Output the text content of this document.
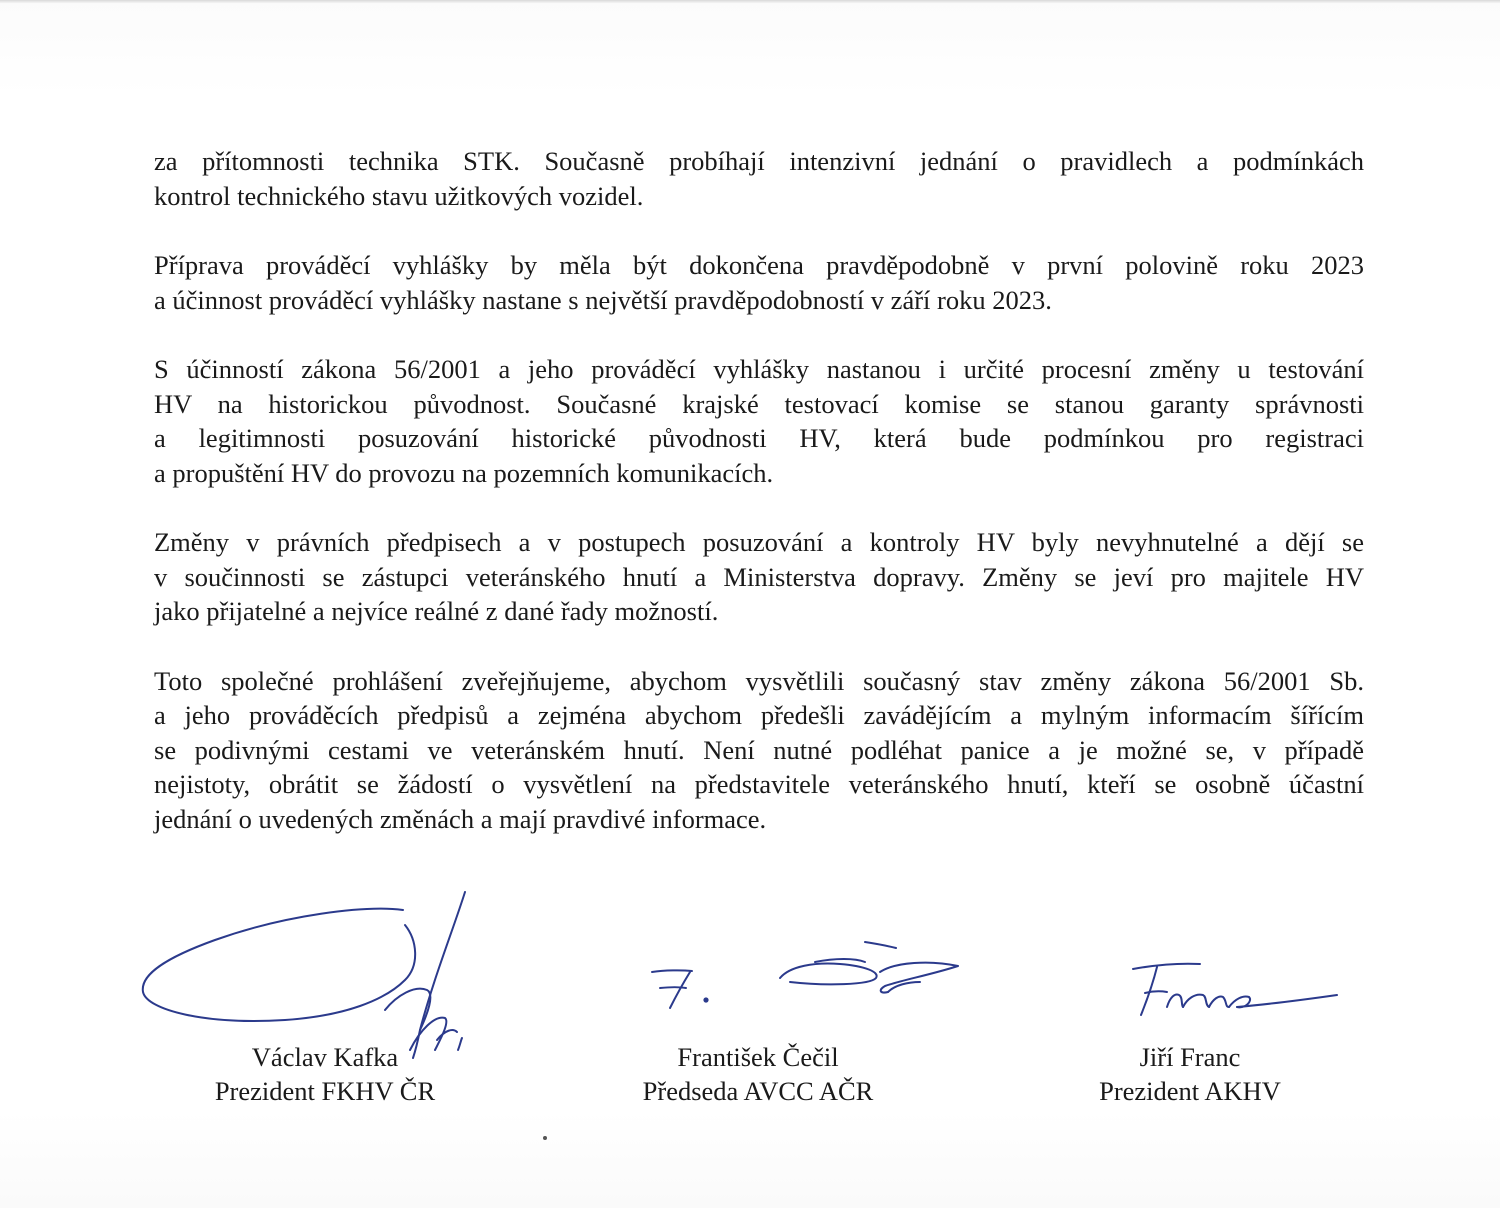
za přítomnosti technika STK. Současně probíhají intenzivní jednání o pravidlech a podmínkách
kontrol technického stavu užitkových vozidel.

Příprava prováděcí vyhlášky by měla být dokončena pravděpodobně v první polovině roku 2023
a účinnost prováděcí vyhlášky nastane s největší pravděpodobností v září roku 2023.

S účinností zákona 56/2001 a jeho prováděcí vyhlášky nastanou i určité procesní změny u testování
HV na historickou původnost. Současné krajské testovací komise se stanou garanty správnosti
a legitimnosti posuzování historické původnosti HV, která bude podmínkou pro registraci
a propuštění HV do provozu na pozemních komunikacích.

Změny v právních předpisech a v postupech posuzování a kontroly HV byly nevyhnutelné a dějí se
v součinnosti se zástupci veteránského hnutí a Ministerstva dopravy. Změny se jeví pro majitele HV
jako přijatelné a nejvíce reálné z dané řady možností.

Toto společné prohlášení zveřejňujeme, abychom vysvětlili současný stav změny zákona 56/2001 Sb.
a jeho prováděcích předpisů a zejména abychom předešli zavádějícím a mylným informacím šířícím
se podivnými cestami ve veteránském hnutí. Není nutné podléhat panice a je možné se, v případě
nejistoty, obrátit se žádostí o vysvětlení na představitele veteránského hnutí, kteří se osobně účastní
jednání o uvedených změnách a mají pravdivé informace.

Václav Kafka
Prezident FKHV ČR
František Čečil
Předseda AVCC AČR
Jiří Franc
Prezident AKHV
